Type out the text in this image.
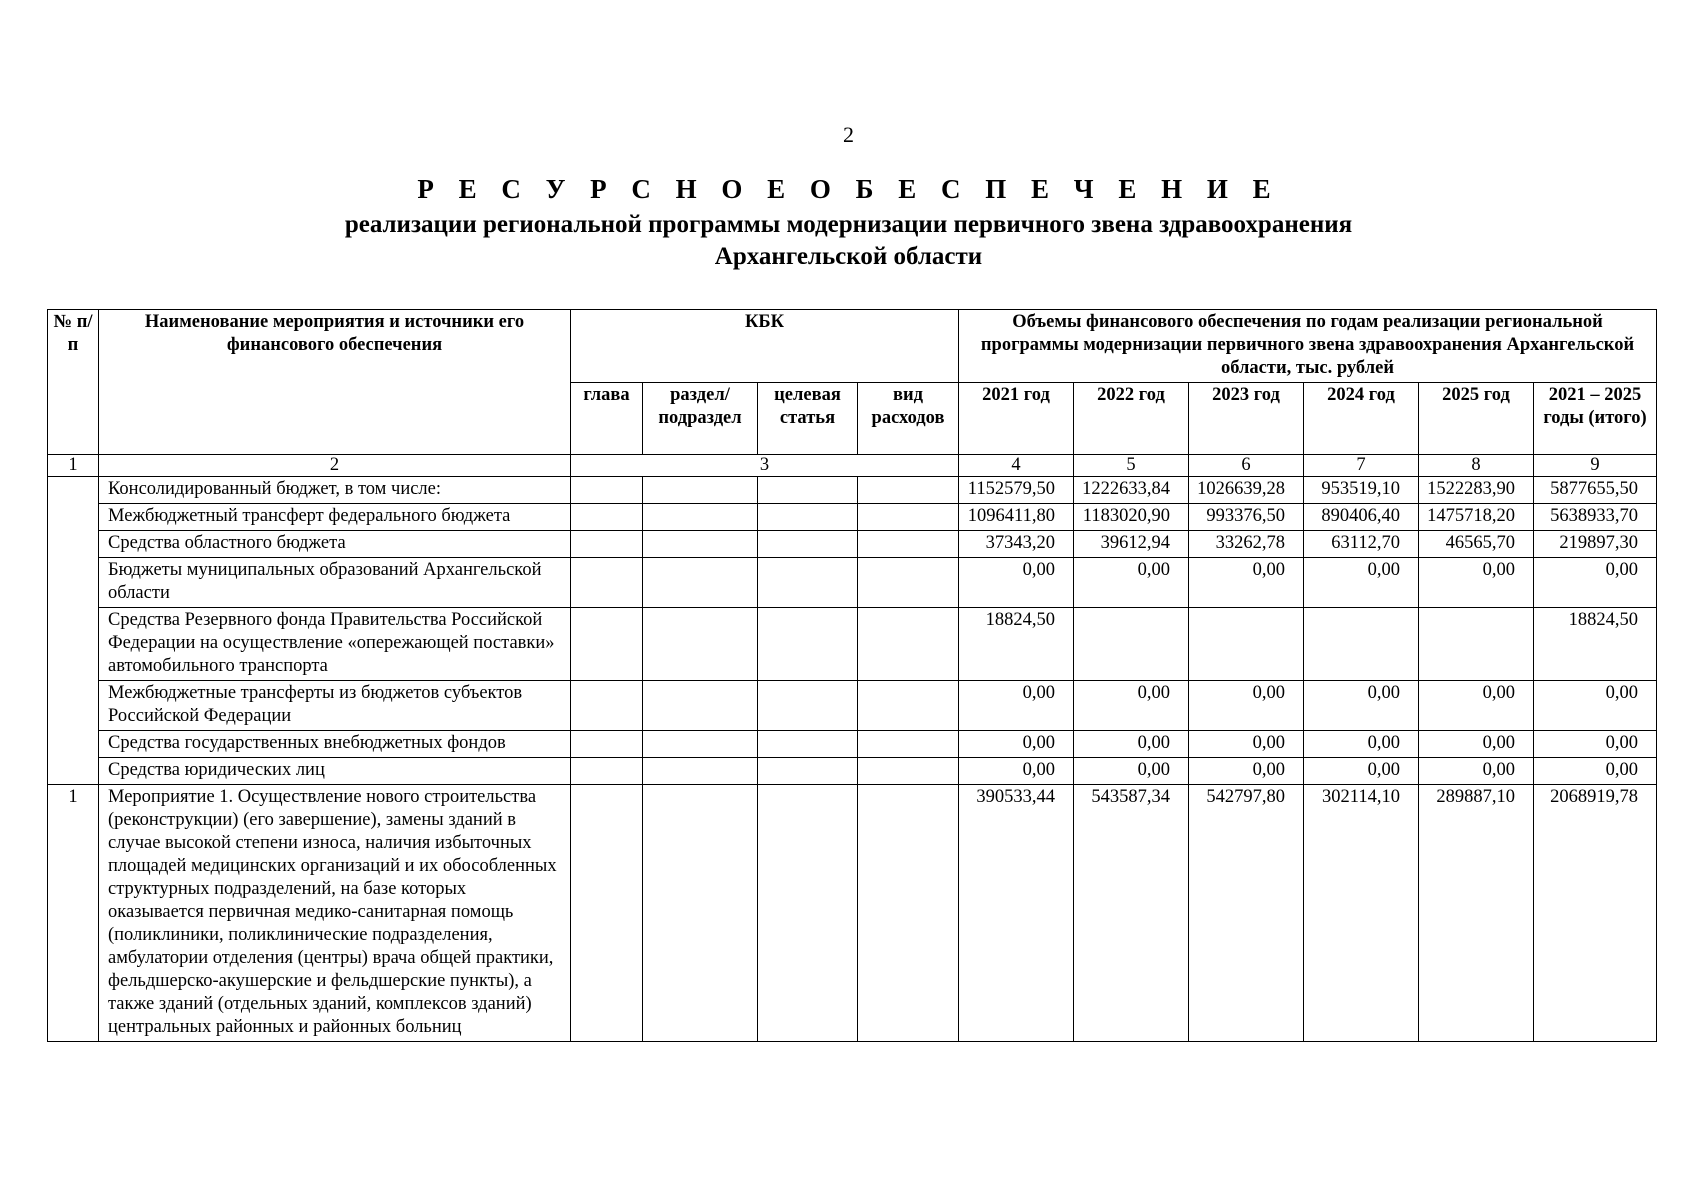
2
Р Е С У Р С Н О Е О Б Е С П Е Ч Е Н И Е
реализации региональной программы модернизации первичного звена здравоохранения
Архангельской области
№ п/п	Наименование мероприятия и источники его финансового обеспечения	КБК				Объемы финансового обеспечения по годам реализации региональной программы модернизации первичного звена здравоохранения Архангельской области, тыс. рублей					
		глава	раздел/ подраздел	целевая статья	вид расходов	2021 год	2022 год	2023 год	2024 год	2025 год	2021 – 2025 годы (итого)
1	2	3				4	5	6	7	8	9
	Консолидированный бюджет, в том числе:					1152579,50	1222633,84	1026639,28	953519,10	1522283,90	5877655,50
	Межбюджетный трансферт федерального бюджета					1096411,80	1183020,90	993376,50	890406,40	1475718,20	5638933,70
	Средства областного бюджета					37343,20	39612,94	33262,78	63112,70	46565,70	219897,30
	Бюджеты муниципальных образований Архангельской области					0,00	0,00	0,00	0,00	0,00	0,00
	Средства Резервного фонда Правительства Российской Федерации на осуществление «опережающей поставки» автомобильного транспорта					18824,50					18824,50
	Межбюджетные трансферты из бюджетов субъектов Российской Федерации					0,00	0,00	0,00	0,00	0,00	0,00
	Средства государственных внебюджетных фондов					0,00	0,00	0,00	0,00	0,00	0,00
	Средства юридических лиц					0,00	0,00	0,00	0,00	0,00	0,00
1	Мероприятие 1. Осуществление нового строительства (реконструкции) (его завершение), замены зданий в случае высокой степени износа, наличия избыточных площадей медицинских организаций и их обособленных структурных подразделений, на базе которых оказывается первичная медико-санитарная помощь (поликлиники, поликлинические подразделения, амбулатории отделения (центры) врача общей практики, фельдшерско-акушерские и фельдшерские пункты), а также зданий (отдельных зданий, комплексов зданий) центральных районных и районных больниц					390533,44	543587,34	542797,80	302114,10	289887,10	2068919,78
